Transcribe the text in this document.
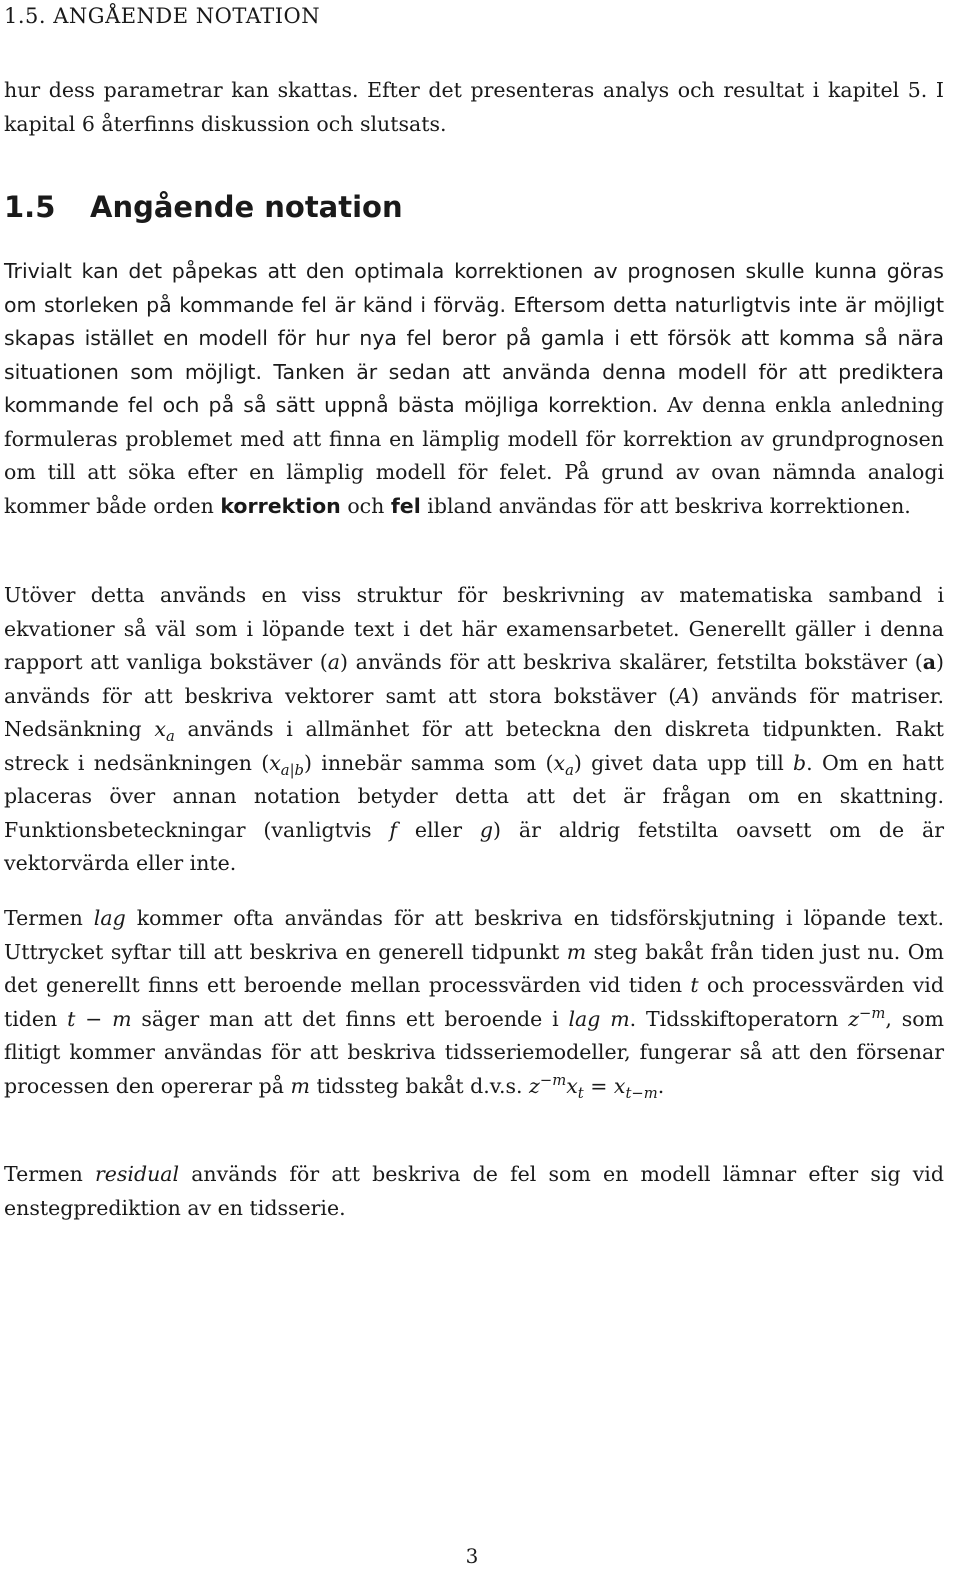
1.5. ANGÅENDE NOTATION

hur dess parametrar kan skattas. Efter det presenteras analys och resultat i kapitel 5. I kapital 6 återfinns diskussion och slutsats.

1.5 Angående notation

Trivialt kan det påpekas att den optimala korrektionen av prognosen skulle kunna göras om storleken på kommande fel är känd i förväg. Eftersom detta naturligtvis inte är möjligt skapas istället en modell för hur nya fel beror på gamla i ett försök att komma så nära situationen som möjligt. Tanken är sedan att använda denna modell för att prediktera kommande fel och på så sätt uppnå bästa möjliga korrektion. Av denna enkla anledning formuleras problemet med att finna en lämplig modell för korrektion av grundprognosen om till att söka efter en lämplig modell för felet. På grund av ovan nämnda analogi kommer både orden korrektion och fel ibland användas för att beskriva korrektionen.

Utöver detta används en viss struktur för beskrivning av matematiska samband i ekvationer så väl som i löpande text i det här examensarbetet. Generellt gäller i denna rapport att vanliga bokstäver (a) används för att beskriva skalärer, fetstilta bokstäver (a) används för att beskriva vektorer samt att stora bokstäver (A) används för matriser. Nedsänkning $x_a$ används i allmänhet för att beteckna den diskreta tidpunkten. Rakt streck i nedsänkningen $(x_{a|b})$ innebär samma som $(x_a)$ givet data upp till b. Om en hatt placeras över annan notation betyder detta att det är frågan om en skattning. Funktionsbeteckningar (vanligtvis f eller g) är aldrig fetstilta oavsett om de är vektorvärda eller inte.

Termen lag kommer ofta användas för att beskriva en tidsförskjutning i löpande text. Uttrycket syftar till att beskriva en generell tidpunkt m steg bakåt från tiden just nu. Om det generellt finns ett beroende mellan processvärden vid tiden t och processvärden vid tiden t − m säger man att det finns ett beroende i lag m. Tidsskiftoperatorn $z^{-m}$, som flitigt kommer användas för att beskriva tidsseriemodeller, fungerar så att den försenar processen den opererar på m tidssteg bakåt d.v.s. $z^{-m}x_t = x_{t-m}$.

Termen residual används för att beskriva de fel som en modell lämnar efter sig vid enstegprediktion av en tidsserie.

3
